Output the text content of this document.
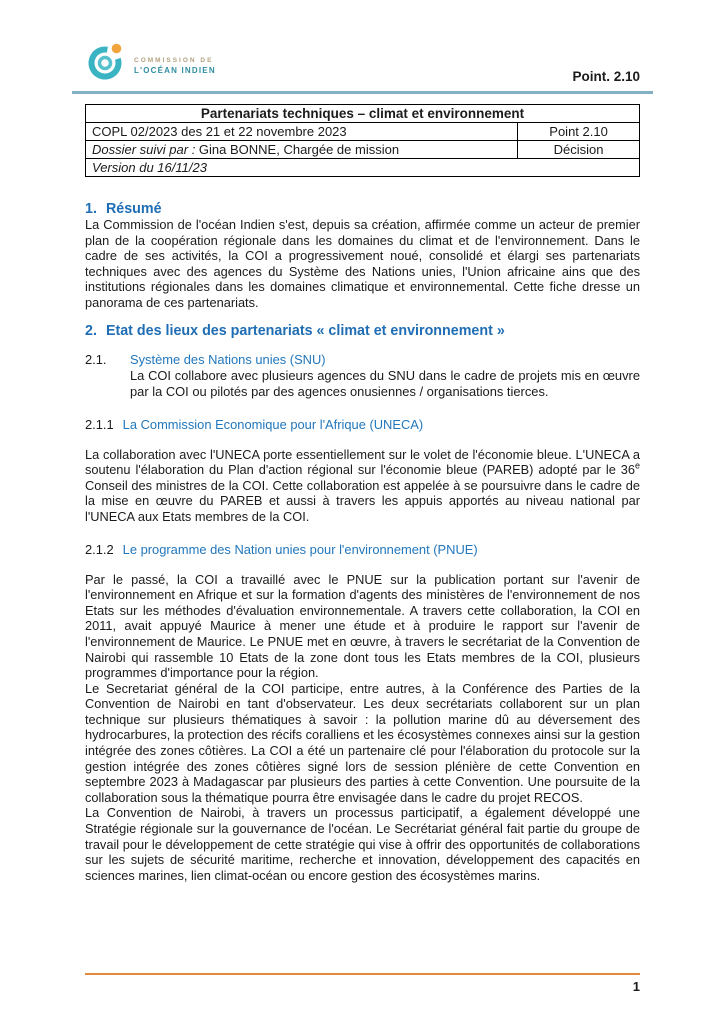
COMMISSION DE
L'OCÉAN INDIEN	Point. 2.10
Partenariats techniques – climat et environnement	
COPL 02/2023 des 21 et 22 novembre 2023	Point 2.10
Dossier suivi par : Gina BONNE, Chargée de mission	Décision
Version du 16/11/23	
1. Résumé

La Commission de l'océan Indien s'est, depuis sa création, affirmée comme un acteur de premier plan de la coopération régionale dans les domaines du climat et de l'environnement. Dans le cadre de ses activités, la COI a progressivement noué, consolidé et élargi ses partenariats techniques avec des agences du Système des Nations unies, l'Union africaine ains que des institutions régionales dans les domaines climatique et environnemental. Cette fiche dresse un panorama de ces partenariats.

2. Etat des lieux des partenariats « climat et environnement »
2.1.	Système des Nations unies (SNU)
La COI collabore avec plusieurs agences du SNU dans le cadre de projets mis en œuvre par la COI ou pilotés par des agences onusiennes / organisations tierces.

2.1.1 La Commission Economique pour l'Afrique (UNECA)

La collaboration avec l'UNECA porte essentiellement sur le volet de l'économie bleue. L'UNECA a soutenu l'élaboration du Plan d'action régional sur l'économie bleue (PAREB) adopté par le 36e Conseil des ministres de la COI. Cette collaboration est appelée à se poursuivre dans le cadre de la mise en œuvre du PAREB et aussi à travers les appuis apportés au niveau national par l'UNECA aux Etats membres de la COI.

2.1.2 Le programme des Nation unies pour l'environnement (PNUE)

Par le passé, la COI a travaillé avec le PNUE sur la publication portant sur l'avenir de l'environnement en Afrique et sur la formation d'agents des ministères de l'environnement de nos Etats sur les méthodes d'évaluation environnementale. A travers cette collaboration, la COI en 2011, avait appuyé Maurice à mener une étude et à produire le rapport sur l'avenir de l'environnement de Maurice. Le PNUE met en œuvre, à travers le secrétariat de la Convention de Nairobi qui rassemble 10 Etats de la zone dont tous les Etats membres de la COI, plusieurs programmes d'importance pour la région.

Le Secretariat général de la COI participe, entre autres, à la Conférence des Parties de la Convention de Nairobi en tant d'observateur. Les deux secrétariats collaborent sur un plan technique sur plusieurs thématiques à savoir : la pollution marine dû au déversement des hydrocarbures, la protection des récifs coralliens et les écosystèmes connexes ainsi sur la gestion intégrée des zones côtières. La COI a été un partenaire clé pour l'élaboration du protocole sur la gestion intégrée des zones côtières signé lors de session plénière de cette Convention en septembre 2023 à Madagascar par plusieurs des parties à cette Convention. Une poursuite de la collaboration sous la thématique pourra être envisagée dans le cadre du projet RECOS.

La Convention de Nairobi, à travers un processus participatif, a également développé une Stratégie régionale sur la gouvernance de l'océan. Le Secrétariat général fait partie du groupe de travail pour le développement de cette stratégie qui vise à offrir des opportunités de collaborations sur les sujets de sécurité maritime, recherche et innovation, développement des capacités en sciences marines, lien climat-océan ou encore gestion des écosystèmes marins.

1
